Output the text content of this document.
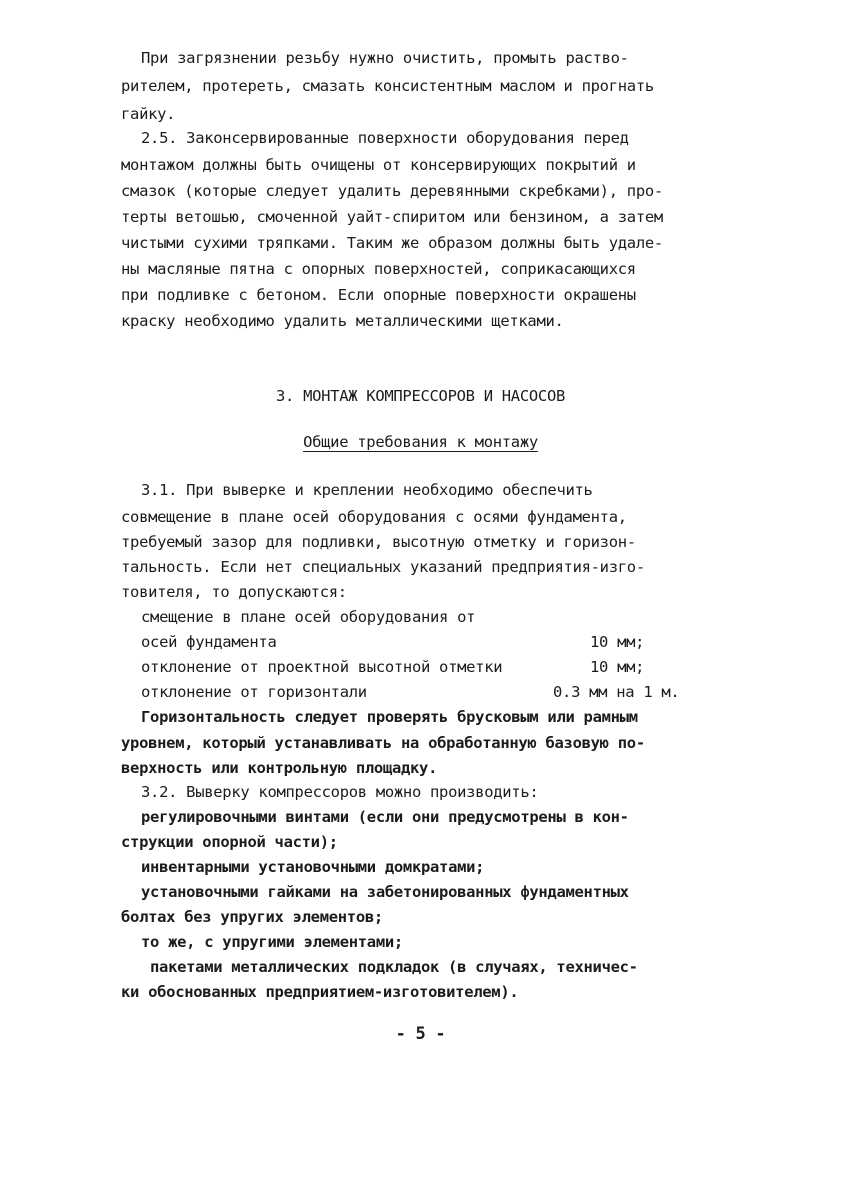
При загрязнении резьбу нужно очистить, промыть раство-
рителем, протереть, смазать консистентным маслом и прогнать
гайку.
2.5. Законсервированные поверхности оборудования перед
монтажом должны быть очищены от консервирующих покрытий и
смазок (которые следует удалить деревянными скребками), про-
терты ветошью, смоченной уайт-спиритом или бензином, а затем
чистыми сухими тряпками. Таким же образом должны быть удале-
ны масляные пятна с опорных поверхностей, соприкасающихся
при подливке с бетоном. Если опорные поверхности окрашены
краску необходимо удалить металлическими щетками.
3. МОНТАЖ КОМПРЕССОРОВ И НАСОСОВ
Общие требования к монтажу
3.1. При выверке и креплении необходимо обеспечить
совмещение в плане осей оборудования с осями фундамента,
требуемый зазор для подливки, высотную отметку и горизон-
тальность. Если нет специальных указаний предприятия-изго-
товителя, то допускаются:
смещение в плане осей оборудования от
осей фундамента	10 мм;
отклонение от проектной высотной отметки	10 мм;
отклонение от горизонтали	0.3 мм на 1 м.
Горизонтальность следует проверять брусковым или рамным
уровнем, который устанавливать на обработанную базовую по-
верхность или контрольную площадку.
3.2. Выверку компрессоров можно производить:
регулировочными винтами (если они предусмотрены в кон-
струкции опорной части);
инвентарными установочными домкратами;
установочными гайками на забетонированных фундаментных
болтах без упругих элементов;
то же, с упругими элементами;
пакетами металлических подкладок (в случаях, техничес-
ки обоснованных предприятием-изготовителем).
- 5 -
